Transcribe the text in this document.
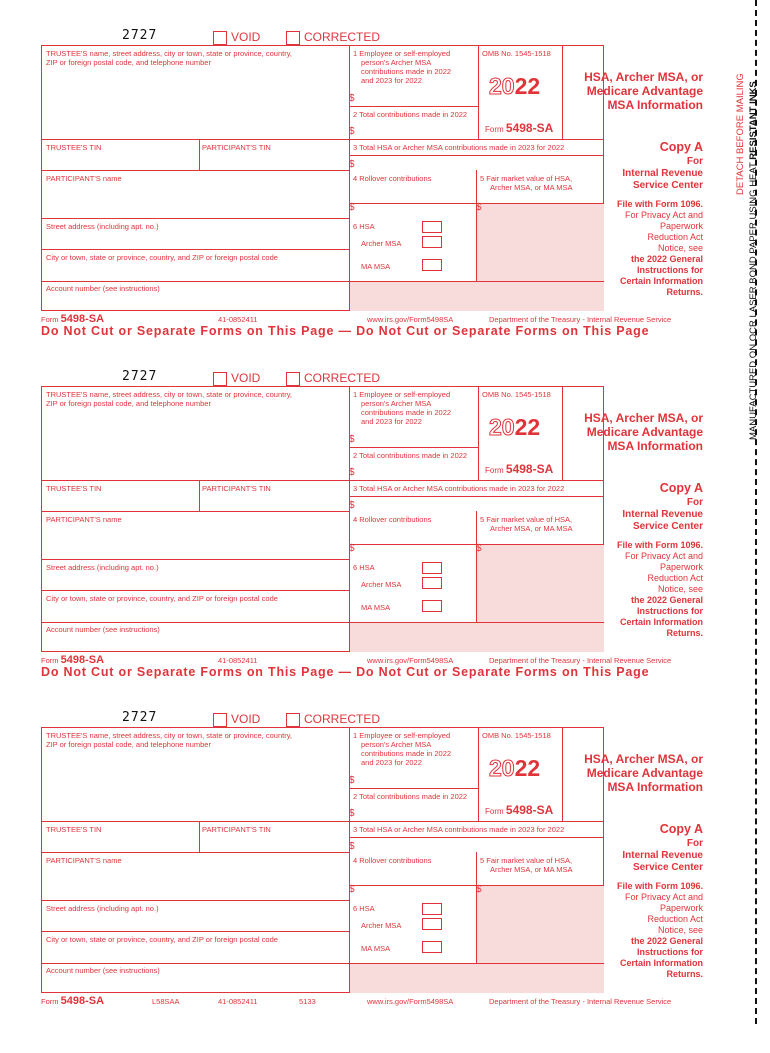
2727	VOID	CORRECTED
TRUSTEE'S name, street address, city or town, state or province, country,
ZIP or foreign postal code, and telephone number
1 Employee or self-employed
person's Archer MSA
contributions made in 2022
and 2023 for 2022
$
OMB No. 1545-1518
2 Total contributions made in 2022
$
TRUSTEE'S TIN	PARTICIPANT'S TIN	3 Total HSA or Archer MSA contributions made in 2023 for 2022
$
PARTICIPANT'S name	4 Rollover contributions
$
5 Fair market value of HSA,
Archer MSA, or MA MSA
$
Street address (including apt. no.)	6 HSA
Archer MSA
City or town, state or province, country, and ZIP or foreign postal code
MA MSA
Account number (see instructions)
2022
Form 5498-SA
HSA, Archer MSA, or
Medicare Advantage
MSA Information
Copy A
For
Internal Revenue
Service Center
File with Form 1096.
For Privacy Act and
Paperwork
Reduction Act
Notice, see
the 2022 General
Instructions for
Certain Information
Returns.
Form 5498-SA	41-0852411	www.irs.gov/Form5498SA	Department of the Treasury - Internal Revenue Service
Do Not Cut or Separate Forms on This Page — Do Not Cut or Separate Forms on This Page
2727	VOID	CORRECTED
TRUSTEE'S name, street address, city or town, state or province, country,
ZIP or foreign postal code, and telephone number
1 Employee or self-employed
person's Archer MSA
contributions made in 2022
and 2023 for 2022
$
OMB No. 1545-1518
2 Total contributions made in 2022
$
TRUSTEE'S TIN	PARTICIPANT'S TIN	3 Total HSA or Archer MSA contributions made in 2023 for 2022
$
PARTICIPANT'S name	4 Rollover contributions
$
5 Fair market value of HSA,
Archer MSA, or MA MSA
$
Street address (including apt. no.)	6 HSA
Archer MSA
City or town, state or province, country, and ZIP or foreign postal code
MA MSA
Account number (see instructions)
2022
Form 5498-SA
HSA, Archer MSA, or
Medicare Advantage
MSA Information
Copy A
For
Internal Revenue
Service Center
File with Form 1096.
For Privacy Act and
Paperwork
Reduction Act
Notice, see
the 2022 General
Instructions for
Certain Information
Returns.
Form 5498-SA	41-0852411	www.irs.gov/Form5498SA	Department of the Treasury - Internal Revenue Service
Do Not Cut or Separate Forms on This Page — Do Not Cut or Separate Forms on This Page
2727	VOID	CORRECTED
TRUSTEE'S name, street address, city or town, state or province, country,
ZIP or foreign postal code, and telephone number
1 Employee or self-employed
person's Archer MSA
contributions made in 2022
and 2023 for 2022
$
OMB No. 1545-1518
2 Total contributions made in 2022
$
TRUSTEE'S TIN	PARTICIPANT'S TIN	3 Total HSA or Archer MSA contributions made in 2023 for 2022
$
PARTICIPANT'S name	4 Rollover contributions
$
5 Fair market value of HSA,
Archer MSA, or MA MSA
$
Street address (including apt. no.)	6 HSA
Archer MSA
City or town, state or province, country, and ZIP or foreign postal code
MA MSA
Account number (see instructions)
2022
Form 5498-SA
HSA, Archer MSA, or
Medicare Advantage
MSA Information
Copy A
For
Internal Revenue
Service Center
File with Form 1096.
For Privacy Act and
Paperwork
Reduction Act
Notice, see
the 2022 General
Instructions for
Certain Information
Returns.
Form 5498-SA	L58SAA	41-0852411	5133	www.irs.gov/Form5498SA	Department of the Treasury - Internal Revenue Service
DETACH BEFORE MAILING
MANUFACTURED ON OCR LASER BOND PAPER USING HEAT RESISTANT INKS
